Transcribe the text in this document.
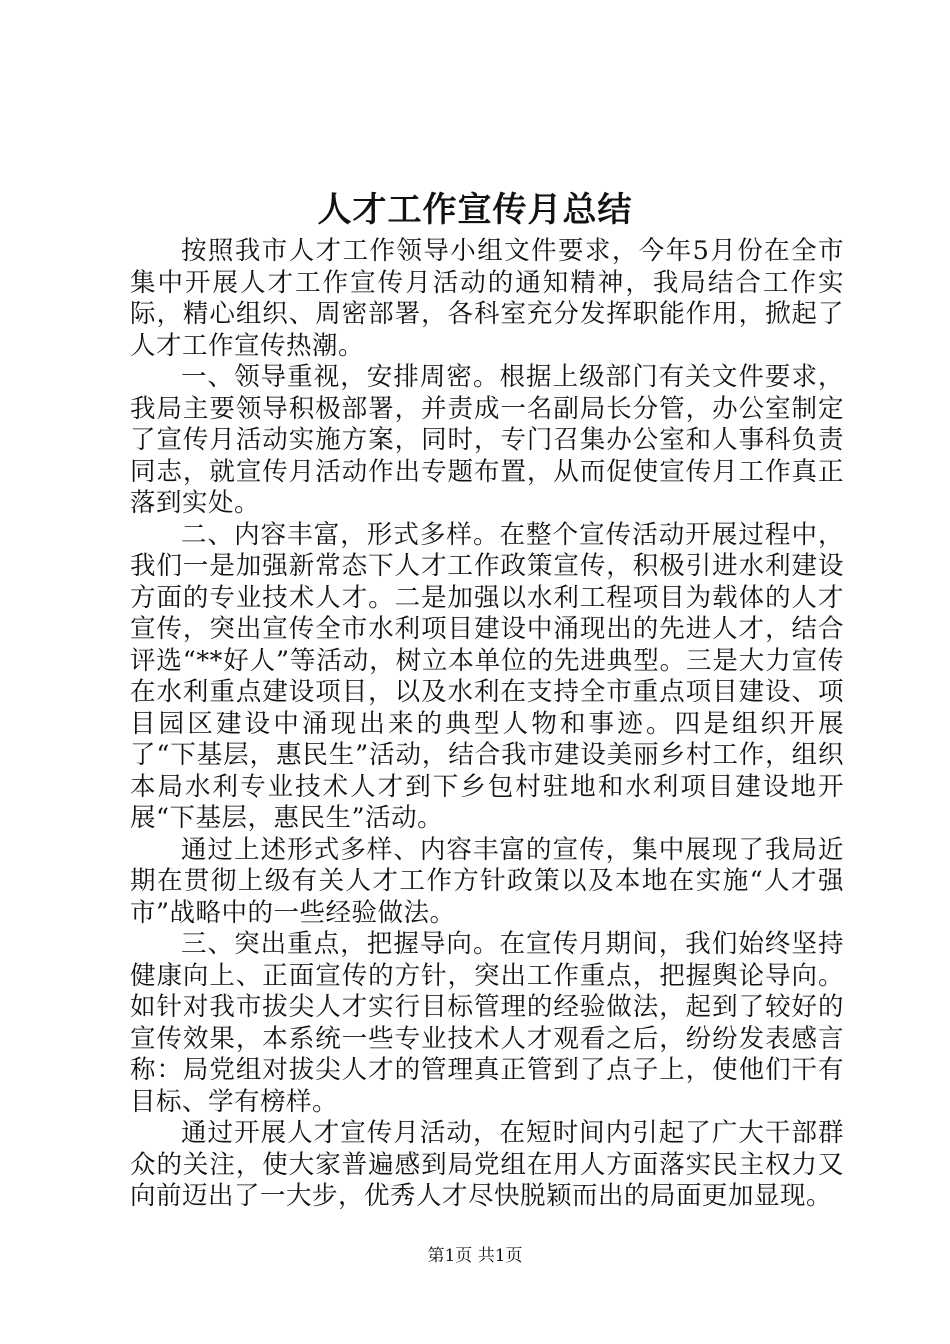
人才工作宣传月总结

按照我市人才工作领导小组文件要求，今年5月份在全市集中开展人才工作宣传月活动的通知精神，我局结合工作实际，精心组织、周密部署，各科室充分发挥职能作用，掀起了人才工作宣传热潮。

一、领导重视，安排周密。根据上级部门有关文件要求，我局主要领导积极部署，并责成一名副局长分管，办公室制定了宣传月活动实施方案，同时，专门召集办公室和人事科负责同志，就宣传月活动作出专题布置，从而促使宣传月工作真正落到实处。

二、内容丰富，形式多样。在整个宣传活动开展过程中，我们一是加强新常态下人才工作政策宣传，积极引进水利建设方面的专业技术人才。二是加强以水利工程项目为载体的人才宣传，突出宣传全市水利项目建设中涌现出的先进人才，结合评选“**好人”等活动，树立本单位的先进典型。三是大力宣传在水利重点建设项目，以及水利在支持全市重点项目建设、项目园区建设中涌现出来的典型人物和事迹。四是组织开展了“下基层，惠民生”活动，结合我市建设美丽乡村工作，组织本局水利专业技术人才到下乡包村驻地和水利项目建设地开展“下基层，惠民生”活动。

通过上述形式多样、内容丰富的宣传，集中展现了我局近期在贯彻上级有关人才工作方针政策以及本地在实施“人才强市”战略中的一些经验做法。

三、突出重点，把握导向。在宣传月期间，我们始终坚持健康向上、正面宣传的方针，突出工作重点，把握舆论导向。如针对我市拔尖人才实行目标管理的经验做法，起到了较好的宣传效果，本系统一些专业技术人才观看之后，纷纷发表感言称：局党组对拔尖人才的管理真正管到了点子上，使他们干有目标、学有榜样。

通过开展人才宣传月活动，在短时间内引起了广大干部群众的关注，使大家普遍感到局党组在用人方面落实民主权力又向前迈出了一大步，优秀人才尽快脱颖而出的局面更加显现。

第1页 共1页
